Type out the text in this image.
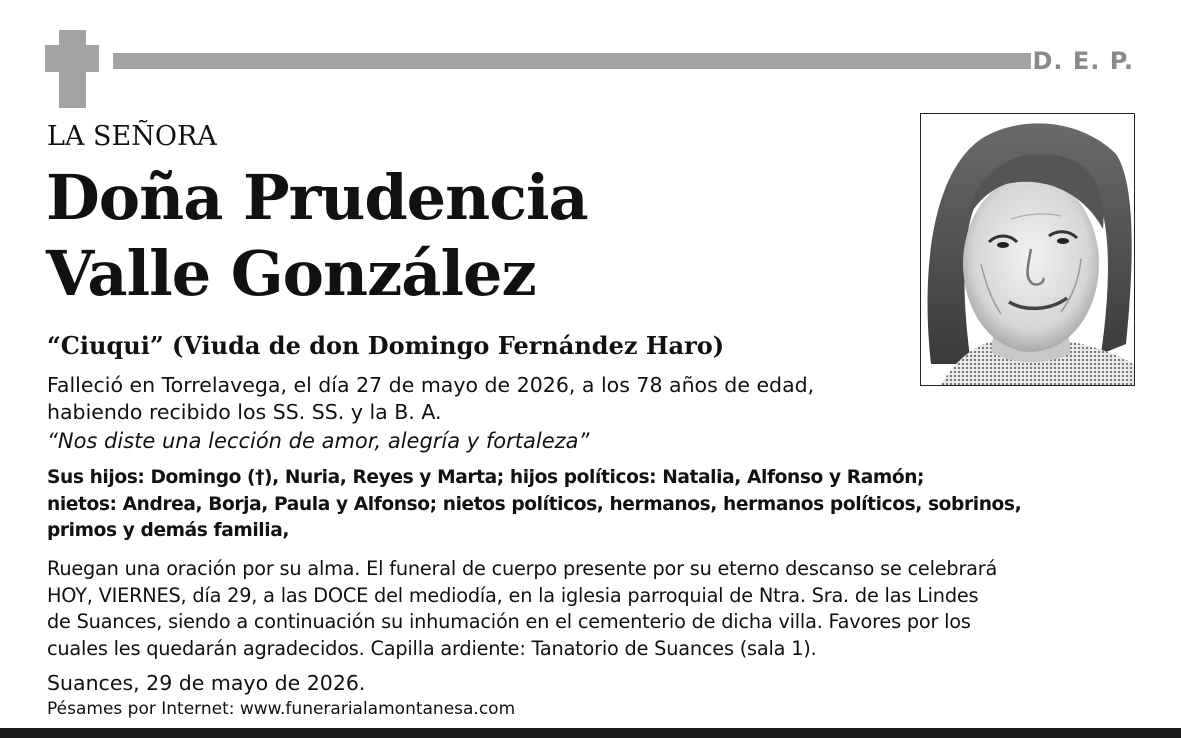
D. E. P.
LA SEÑORA
Doña Prudencia
Valle González
“Ciuqui” (Viuda de don Domingo Fernández Haro)
Falleció en Torrelavega, el día 27 de mayo de 2026, a los 78 años de edad,
habiendo recibido los SS. SS. y la B. A.
“Nos diste una lección de amor, alegría y fortaleza”
Sus hijos: Domingo (†), Nuria, Reyes y Marta; hijos políticos: Natalia, Alfonso y Ramón;
nietos: Andrea, Borja, Paula y Alfonso; nietos políticos, hermanos, hermanos políticos, sobrinos,
primos y demás familia,
Ruegan una oración por su alma. El funeral de cuerpo presente por su eterno descanso se celebrará
HOY, VIERNES, día 29, a las DOCE del mediodía, en la iglesia parroquial de Ntra. Sra. de las Lindes
de Suances, siendo a continuación su inhumación en el cementerio de dicha villa. Favores por los
cuales les quedarán agradecidos. Capilla ardiente: Tanatorio de Suances (sala 1).
Suances, 29 de mayo de 2026.
Pésames por Internet: www.funerarialamontanesa.com
